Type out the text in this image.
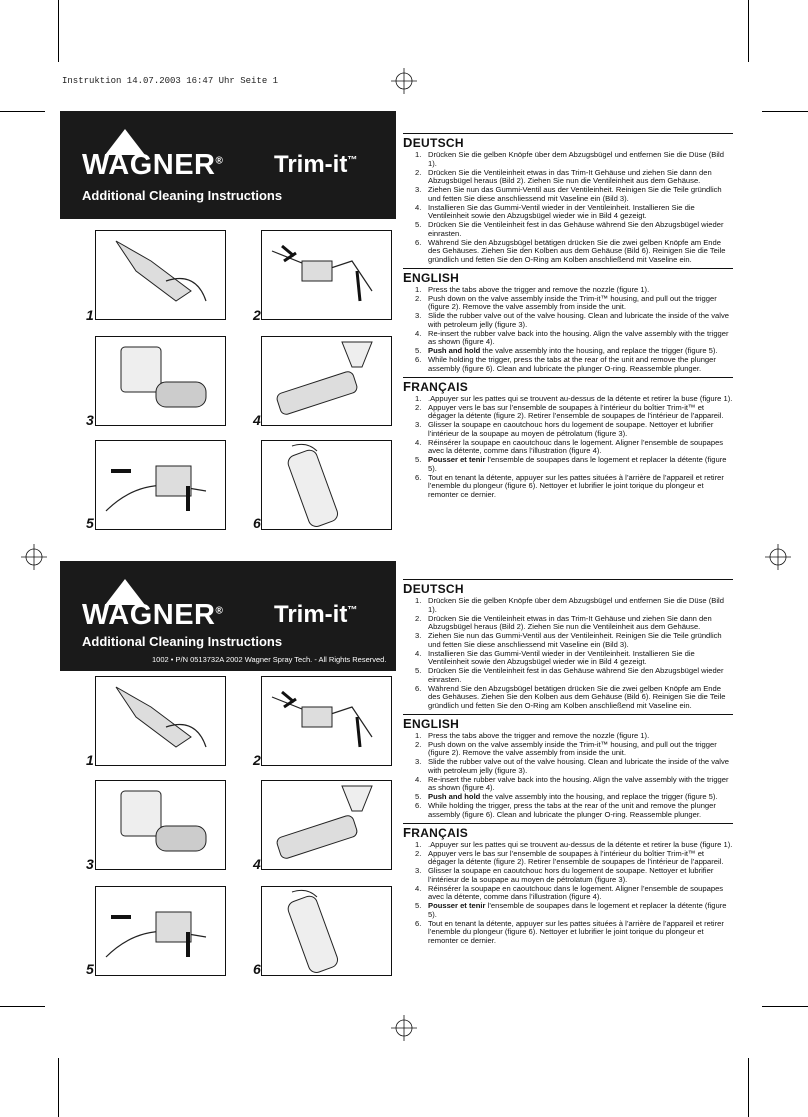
Instruktion 14.07.2003 16:47 Uhr Seite 1
WAGNER® Trim-it™
Additional Cleaning Instructions
1	2
3	4
5	6
DEUTSCH
1. Drücken Sie die gelben Knöpfe über dem Abzugsbügel und entfernen Sie die Düse (Bild 1).
2. Drücken Sie die Ventileinheit etwas in das Trim-It Gehäuse und ziehen Sie dann den Abzugsbügel heraus (Bild 2). Ziehen Sie nun die Ventileinheit aus dem Gehäuse.
3. Ziehen Sie nun das Gummi-Ventil aus der Ventileinheit. Reinigen Sie die Teile gründlich und fetten Sie diese anschliessend mit Vaseline ein (Bild 3).
4. Installieren Sie das Gummi-Ventil wieder in der Ventileinheit. Installieren Sie die Ventileinheit sowie den Abzugsbügel wieder wie in Bild 4 gezeigt.
5. Drücken Sie die Ventileinheit fest in das Gehäuse während Sie den Abzugsbügel wieder einrasten.
6. Während Sie den Abzugsbügel betätigen drücken Sie die zwei gelben Knöpfe am Ende des Gehäuses. Ziehen Sie den Kolben aus dem Gehäuse (Bild 6). Reinigen Sie die Teile gründlich und fetten Sie den O-Ring am Kolben anschließend mit Vaseline ein.
ENGLISH
1. Press the tabs above the trigger and remove the nozzle (figure 1).
2. Push down on the valve assembly inside the Trim-it™ housing, and pull out the trigger (figure 2). Remove the valve assembly from inside the unit.
3. Slide the rubber valve out of the valve housing. Clean and lubricate the inside of the valve with petroleum jelly (figure 3).
4. Re-insert the rubber valve back into the housing. Align the valve assembly with the trigger as shown (figure 4).
5. Push and hold the valve assembly into the housing, and replace the trigger (figure 5).
6. While holding the trigger, press the tabs at the rear of the unit and remove the plunger assembly (figure 6). Clean and lubricate the plunger O-ring. Reassemble plunger.
FRANÇAIS
1. .Appuyer sur les pattes qui se trouvent au-dessus de la détente et retirer la buse (figure 1).
2. Appuyer vers le bas sur l’ensemble de soupapes à l’intérieur du boîtier Trim-it™ et dégager la détente (figure 2). Retirer l’ensemble de soupapes de l’intérieur de l’appareil.
3. Glisser la soupape en caoutchouc hors du logement de soupape. Nettoyer et lubrifier l’intérieur de la soupape au moyen de pétrolatum (figure 3).
4. Réinsérer la soupape en caoutchouc dans le logement. Aligner l’ensemble de soupapes avec la détente, comme dans l’illustration (figure 4).
5. Pousser et tenir l’ensemble de soupapes dans le logement et replacer la détente (figure 5).
6. Tout en tenant la détente, appuyer sur les pattes situées à l’arrière de l’appareil et retirer l’enemble du plongeur (figure 6). Nettoyer et lubrifier le joint torique du plongeur et remonter ce dernier.
WAGNER® Trim-it™
Additional Cleaning Instructions
1002 • P/N 0513732A 2002 Wagner Spray Tech. - All Rights Reserved.
1	2
3	4
5	6
DEUTSCH
1. Drücken Sie die gelben Knöpfe über dem Abzugsbügel und entfernen Sie die Düse (Bild 1).
2. Drücken Sie die Ventileinheit etwas in das Trim-It Gehäuse und ziehen Sie dann den Abzugsbügel heraus (Bild 2). Ziehen Sie nun die Ventileinheit aus dem Gehäuse.
3. Ziehen Sie nun das Gummi-Ventil aus der Ventileinheit. Reinigen Sie die Teile gründlich und fetten Sie diese anschliessend mit Vaseline ein (Bild 3).
4. Installieren Sie das Gummi-Ventil wieder in der Ventileinheit. Installieren Sie die Ventileinheit sowie den Abzugsbügel wieder wie in Bild 4 gezeigt.
5. Drücken Sie die Ventileinheit fest in das Gehäuse während Sie den Abzugsbügel wieder einrasten.
6. Während Sie den Abzugsbügel betätigen drücken Sie die zwei gelben Knöpfe am Ende des Gehäuses. Ziehen Sie den Kolben aus dem Gehäuse (Bild 6). Reinigen Sie die Teile gründlich und fetten Sie den O-Ring am Kolben anschließend mit Vaseline ein.
ENGLISH
1. Press the tabs above the trigger and remove the nozzle (figure 1).
2. Push down on the valve assembly inside the Trim-it™ housing, and pull out the trigger (figure 2). Remove the valve assembly from inside the unit.
3. Slide the rubber valve out of the valve housing. Clean and lubricate the inside of the valve with petroleum jelly (figure 3).
4. Re-insert the rubber valve back into the housing. Align the valve assembly with the trigger as shown (figure 4).
5. Push and hold the valve assembly into the housing, and replace the trigger (figure 5).
6. While holding the trigger, press the tabs at the rear of the unit and remove the plunger assembly (figure 6). Clean and lubricate the plunger O-ring. Reassemble plunger.
FRANÇAIS
1. .Appuyer sur les pattes qui se trouvent au-dessus de la détente et retirer la buse (figure 1).
2. Appuyer vers le bas sur l’ensemble de soupapes à l’intérieur du boîtier Trim-it™ et dégager la détente (figure 2). Retirer l’ensemble de soupapes de l’intérieur de l’appareil.
3. Glisser la soupape en caoutchouc hors du logement de soupape. Nettoyer et lubrifier l’intérieur de la soupape au moyen de pétrolatum (figure 3).
4. Réinsérer la soupape en caoutchouc dans le logement. Aligner l’ensemble de soupapes avec la détente, comme dans l’illustration (figure 4).
5. Pousser et tenir l’ensemble de soupapes dans le logement et replacer la détente (figure 5).
6. Tout en tenant la détente, appuyer sur les pattes situées à l’arrière de l’appareil et retirer l’enemble du plongeur (figure 6). Nettoyer et lubrifier le joint torique du plongeur et remonter ce dernier.
